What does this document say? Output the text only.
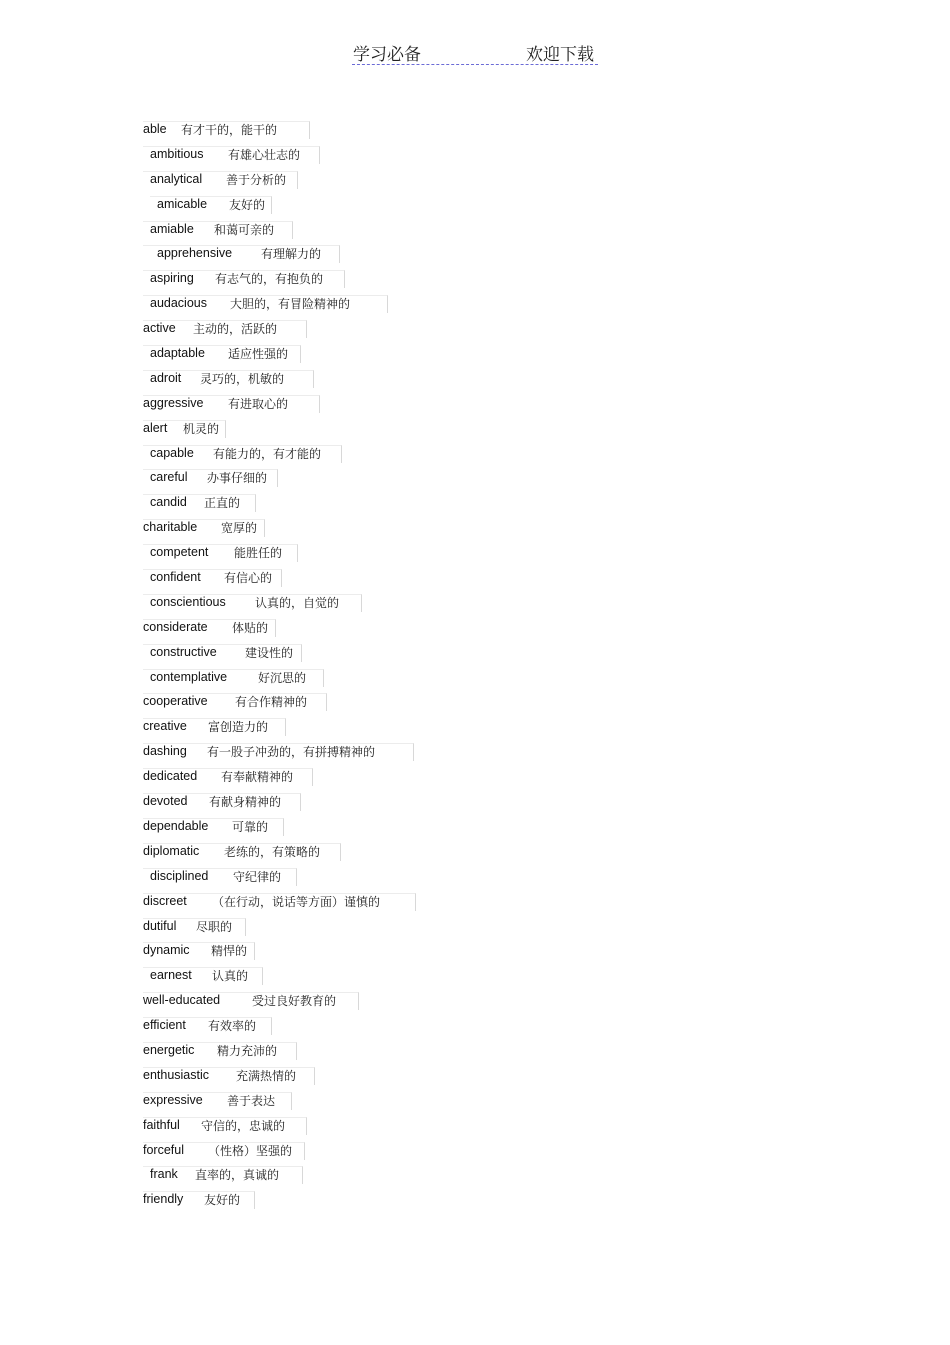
学习必备	欢迎下载
able 有才干的，能干的
ambitious 有雄心壮志的
analytical 善于分析的
amicable 友好的
amiable 和蔼可亲的
apprehensive 有理解力的
aspiring 有志气的，有抱负的
audacious 大胆的，有冒险精神的
active 主动的，活跃的
adaptable 适应性强的
adroit 灵巧的，机敏的
aggressive 有进取心的
alert 机灵的
capable 有能力的，有才能的
careful 办事仔细的
candid 正直的
charitable 宽厚的
competent 能胜任的
confident 有信心的
conscientious 认真的，自觉的
considerate 体贴的
constructive 建设性的
contemplative	好沉思的
cooperative 有合作精神的
creative 富创造力的
dashing 有一股子冲劲的，有拼搏精神的
dedicated 有奉献精神的
devoted 有献身精神的
dependable 可靠的
diplomatic 老练的，有策略的
disciplined 守纪律的
discreet （在行动，说话等方面）谨慎的
dutiful 尽职的
dynamic 精悍的
earnest 认真的
well-educated	受过良好教育的
efficient 有效率的
energetic 精力充沛的
enthusiastic 充满热情的
expressive 善于表达
faithful 守信的，忠诚的
forceful （性格）坚强的
frank 直率的，真诚的
friendly 友好的
